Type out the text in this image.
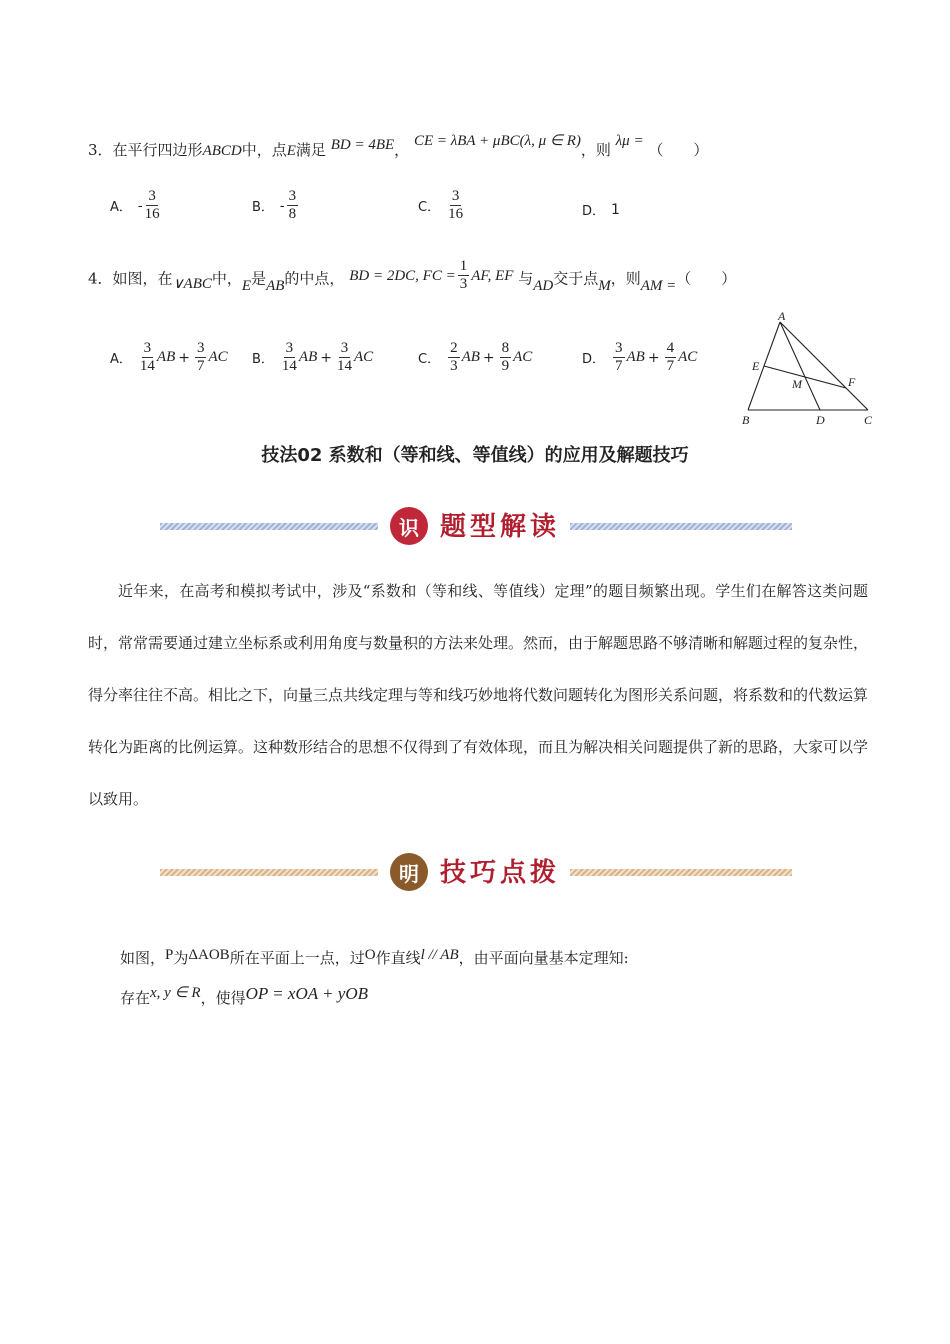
3．在平行四边形ABCD中，点E满足 BD = 4BE， CE = λBA + μBC(λ, μ ∈ R)，则 λμ = （　　）
A． - $\frac{3}{16}$	B． - $\frac{3}{8}$	C． $\frac{3}{16}$	D． 1
4．如图，在∨ABC中，E是AB的中点， BD = 2DC, FC = $\frac{1}{3}$ AF, EF 与AD交于点M，则AM =（　　）
A． $\frac{3}{14}$ AB + $\frac{3}{7}$ AC B． $\frac{3}{14}$ AB + $\frac{3}{14}$ AC	C． $\frac{2}{3}$ AB + $\frac{8}{9}$ AC	D． $\frac{3}{7}$ AB + $\frac{4}{7}$ AC
A
B	C
D
E
F
M
技法02 系数和（等和线、等值线）的应用及解题技巧
识 题型解读
近年来，在高考和模拟考试中，涉及“系数和（等和线、等值线）定理”的题目频繁出现。学生们在解答这类问题时，常常需要通过建立坐标系或利用角度与数量积的方法来处理。然而，由于解题思路不够清晰和解题过程的复杂性，得分率往往不高。相比之下，向量三点共线定理与等和线巧妙地将代数问题转化为图形关系问题，将系数和的代数运算转化为距离的比例运算。这种数形结合的思想不仅得到了有效体现，而且为解决相关问题提供了新的思路，大家可以学以致用。
明 技巧点拨
如图，P为ΔAOB所在平面上一点，过O作直线l // AB，由平面向量基本定理知:
存在x, y ∈ R，使得OP = xOA + yOB
